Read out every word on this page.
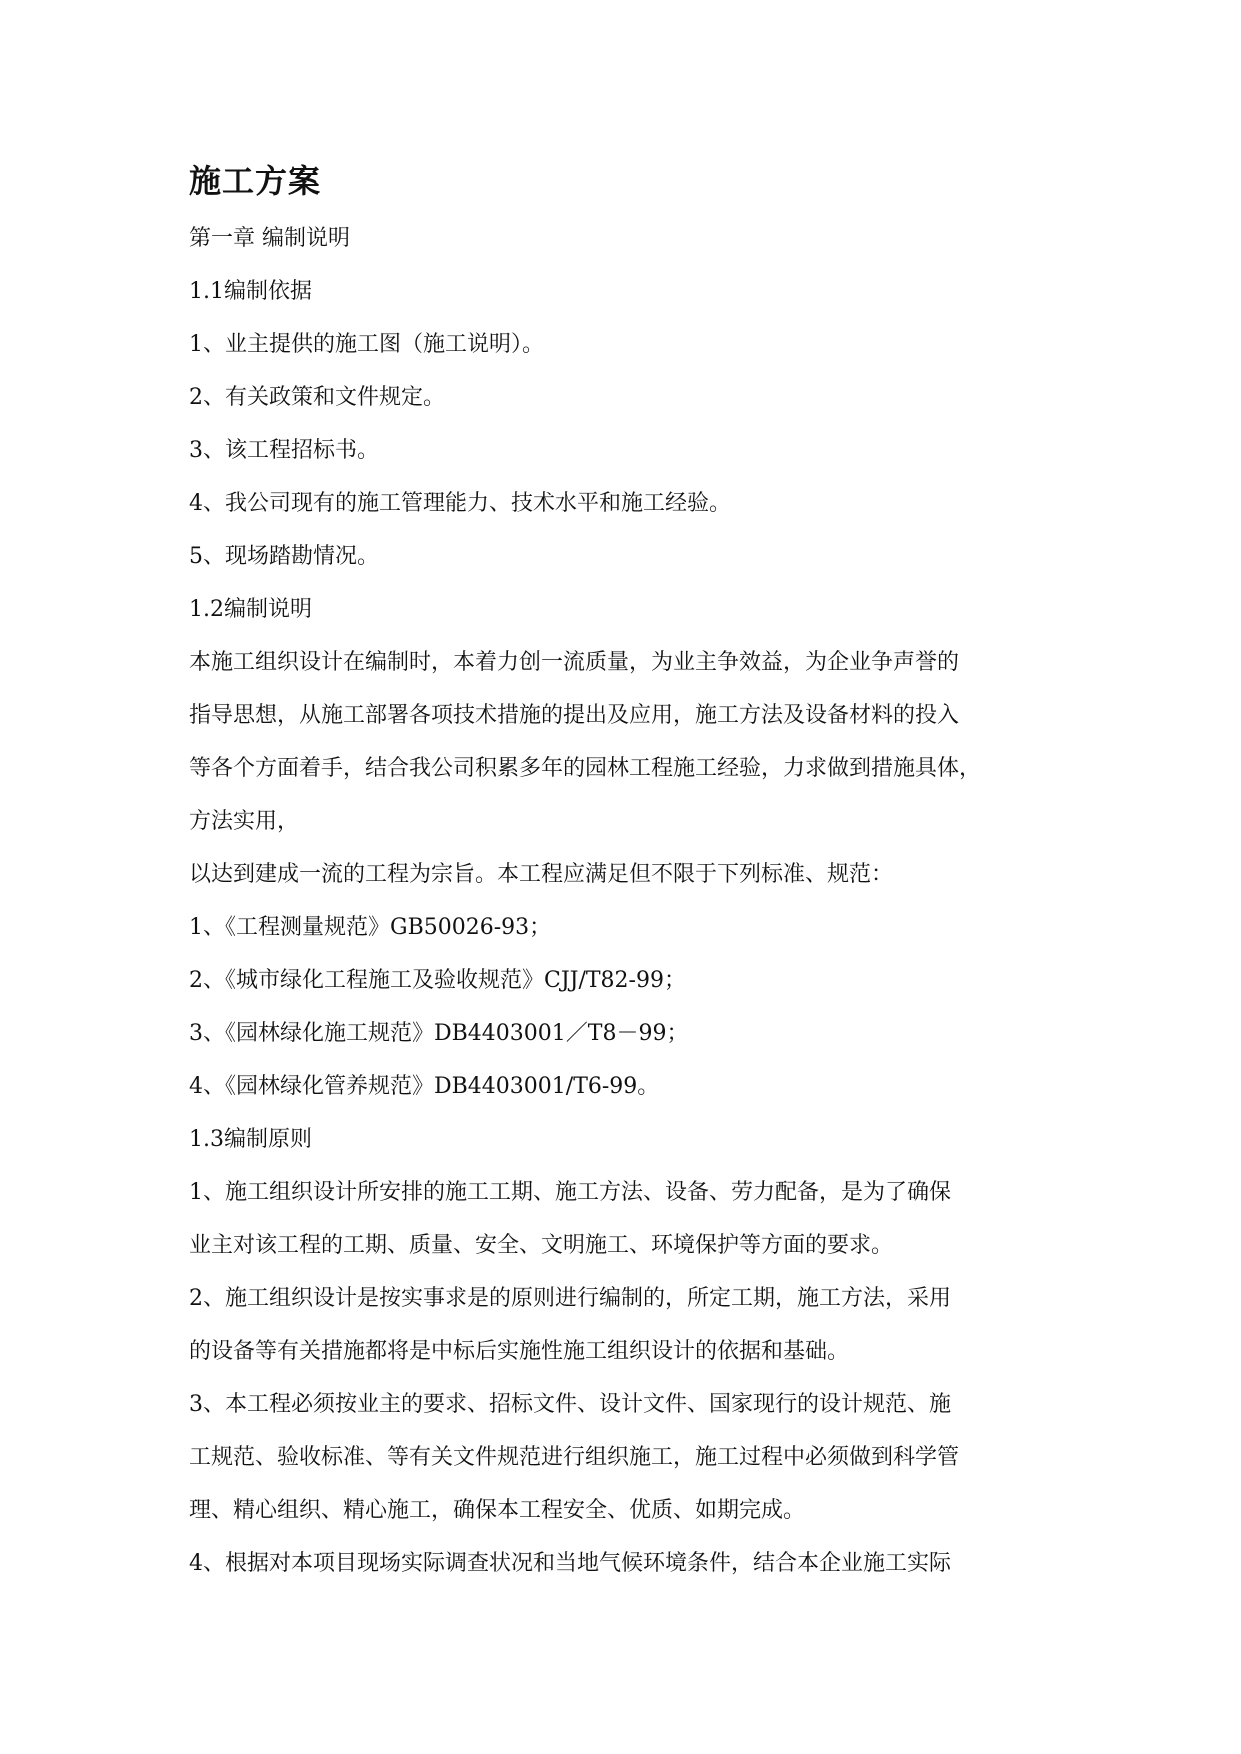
施工方案
第一章 编制说明
1.1编制依据
1、业主提供的施工图（施工说明）。
2、有关政策和文件规定。
3、该工程招标书。
4、我公司现有的施工管理能力、技术水平和施工经验。
5、现场踏勘情况。
1.2编制说明
本施工组织设计在编制时，本着力创一流质量，为业主争效益，为企业争声誉的
指导思想，从施工部署各项技术措施的提出及应用，施工方法及设备材料的投入
等各个方面着手，结合我公司积累多年的园林工程施工经验，力求做到措施具体，
方法实用，
以达到建成一流的工程为宗旨。本工程应满足但不限于下列标准、规范：
1、《工程测量规范》GB50026-93；
2、《城市绿化工程施工及验收规范》CJJ/T82-99；
3、《园林绿化施工规范》DB4403001／T8－99；
4、《园林绿化管养规范》DB4403001/T6-99。
1.3编制原则
1、施工组织设计所安排的施工工期、施工方法、设备、劳力配备，是为了确保
业主对该工程的工期、质量、安全、文明施工、环境保护等方面的要求。
2、施工组织设计是按实事求是的原则进行编制的，所定工期，施工方法，采用
的设备等有关措施都将是中标后实施性施工组织设计的依据和基础。
3、本工程必须按业主的要求、招标文件、设计文件、国家现行的设计规范、施
工规范、验收标准、等有关文件规范进行组织施工，施工过程中必须做到科学管
理、精心组织、精心施工，确保本工程安全、优质、如期完成。
4、根据对本项目现场实际调查状况和当地气候环境条件，结合本企业施工实际
